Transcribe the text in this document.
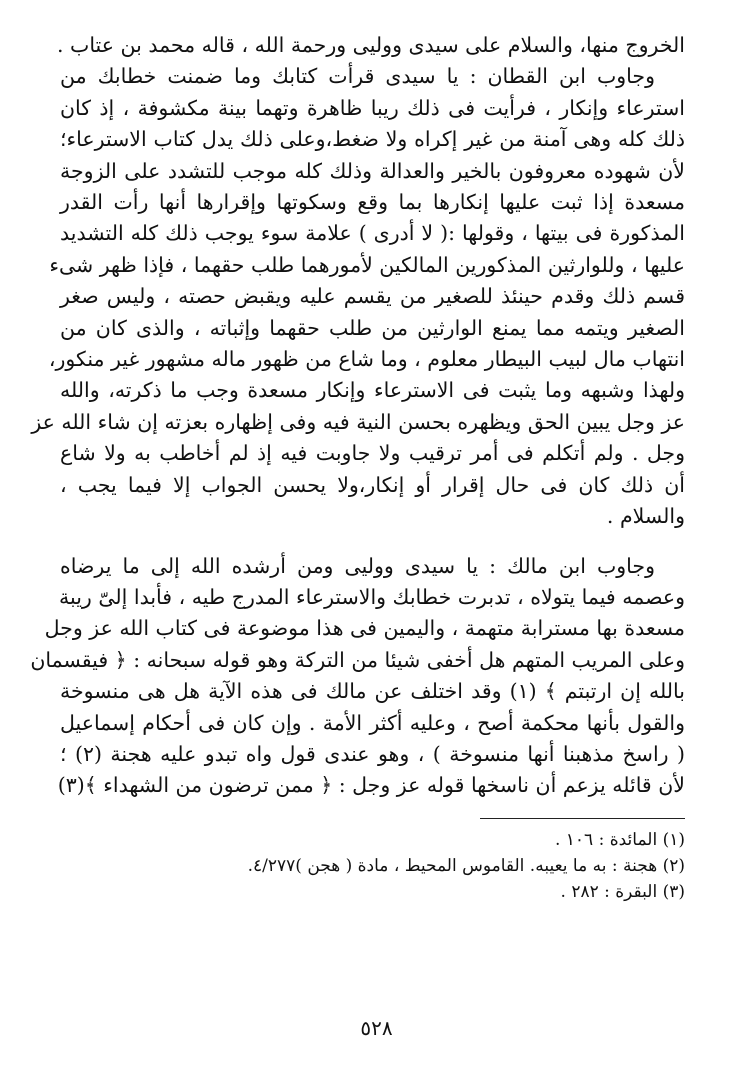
الخروج منها، والسلام على سيدى ووليى ورحمة الله ، قاله محمد بن عتاب .
وجاوب ابن القطان : يا سيدى قرأت كتابك وما ضمنت خطابك من
استرعاء وإنكار ، فرأيت فى ذلك ريبا ظاهرة وتهما بينة مكشوفة ، إذ كان
ذلك كله وهى آمنة من غير إكراه ولا ضغط،وعلى ذلك يدل كتاب الاسترعاء؛
لأن شهوده معروفون بالخير والعدالة وذلك كله موجب للتشدد على الزوجة
مسعدة إذا ثبت عليها إنكارها بما وقع وسكوتها وإقرارها أنها رأت القدر
المذكورة فى بيتها ، وقولها :( لا أدرى ) علامة سوء يوجب ذلك كله التشديد
عليها ، وللوارثين المذكورين المالكين لأمورهما طلب حقهما ، فإذا ظهر شىء
قسم ذلك وقدم حينئذ للصغير من يقسم عليه ويقبض حصته ، وليس صغر
الصغير ويتمه مما يمنع الوارثين من طلب حقهما وإثباته ، والذى كان من
انتهاب مال لبيب البيطار معلوم ، وما شاع من ظهور ماله مشهور غير منكور،
ولهذا وشبهه وما يثبت فى الاسترعاء وإنكار مسعدة وجب ما ذكرته، والله
عز وجل يبين الحق ويظهره بحسن النية فيه وفى إظهاره بعزته إن شاء الله عز
وجل . ولم أتكلم فى أمر ترقيب ولا جاوبت فيه إذ لم أخاطب به ولا شاع
أن ذلك كان فى حال إقرار أو إنكار،ولا يحسن الجواب إلا فيما يجب ،
والسلام .
وجاوب ابن مالك : يا سيدى ووليى ومن أرشده الله إلى ما يرضاه
وعصمه فيما يتولاه ، تدبرت خطابك والاسترعاء المدرج طيه ، فأبدا إلىّ ريبة
مسعدة بها مسترابة متهمة ، واليمين فى هذا موضوعة فى كتاب الله عز وجل
وعلى المريب المتهم هل أخفى شيئا من التركة وهو قوله سبحانه : ﴿ فيقسمان
بالله إن ارتبتم ﴾ (١) وقد اختلف عن مالك فى هذه الآية هل هى منسوخة
والقول بأنها محكمة أصح ، وعليه أكثر الأمة . وإن كان فى أحكام إسماعيل
( راسخ مذهبنا أنها منسوخة ) ، وهو عندى قول واه تبدو عليه هجنة (٢) ؛
لأن قائله يزعم أن ناسخها قوله عز وجل : ﴿ ممن ترضون من الشهداء ﴾(٣)
(١) المائدة : ١٠٦ .
(٢) هجنة : به ما يعيبه. القاموس المحيط ، مادة ( هجن )٤/٢٧٧.
(٣) البقرة : ٢٨٢ .
٥٢٨
